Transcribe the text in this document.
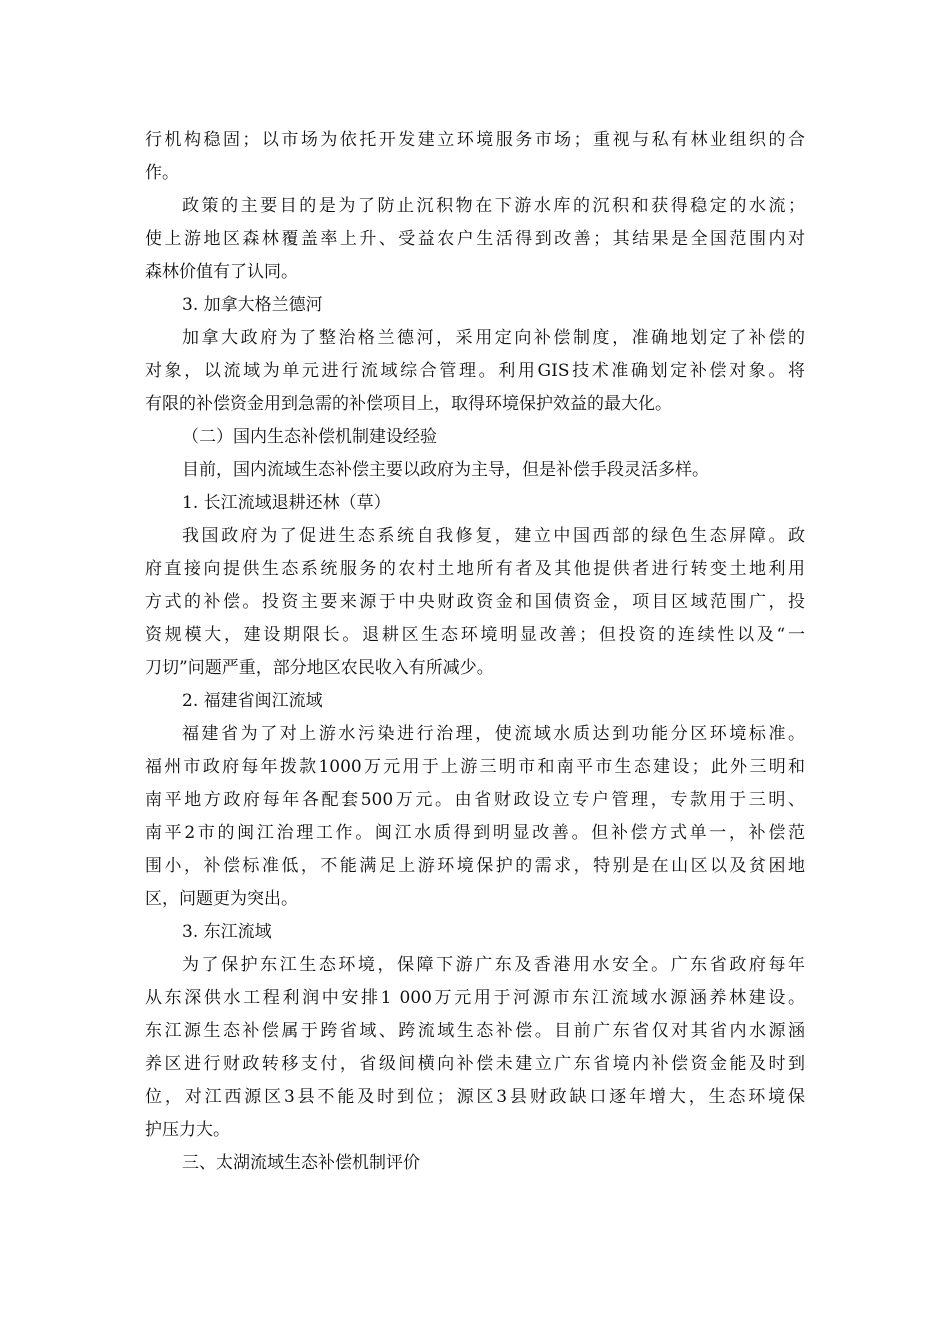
行机构稳固；以市场为依托开发建立环境服务市场；重视与私有林业组织的合
作。
政策的主要目的是为了防止沉积物在下游水库的沉积和获得稳定的水流；
使上游地区森林覆盖率上升、受益农户生活得到改善；其结果是全国范围内对
森林价值有了认同。
3. 加拿大格兰德河
加拿大政府为了整治格兰德河，采用定向补偿制度，准确地划定了补偿的
对象，以流域为单元进行流域综合管理。利用GIS技术准确划定补偿对象。将
有限的补偿资金用到急需的补偿项目上，取得环境保护效益的最大化。
（二）国内生态补偿机制建设经验
目前，国内流域生态补偿主要以政府为主导，但是补偿手段灵活多样。
1. 长江流域退耕还林（草）
我国政府为了促进生态系统自我修复，建立中国西部的绿色生态屏障。政
府直接向提供生态系统服务的农村土地所有者及其他提供者进行转变土地利用
方式的补偿。投资主要来源于中央财政资金和国债资金，项目区域范围广，投
资规模大，建设期限长。退耕区生态环境明显改善；但投资的连续性以及“一
刀切”问题严重，部分地区农民收入有所减少。
2. 福建省闽江流域
福建省为了对上游水污染进行治理，使流域水质达到功能分区环境标准。
福州市政府每年拨款1000万元用于上游三明市和南平市生态建设；此外三明和
南平地方政府每年各配套500万元。由省财政设立专户管理，专款用于三明、
南平2市的闽江治理工作。闽江水质得到明显改善。但补偿方式单一，补偿范
围小，补偿标准低，不能满足上游环境保护的需求，特别是在山区以及贫困地
区，问题更为突出。
3. 东江流域
为了保护东江生态环境，保障下游广东及香港用水安全。广东省政府每年
从东深供水工程利润中安排1 000万元用于河源市东江流域水源涵养林建设。
东江源生态补偿属于跨省域、跨流域生态补偿。目前广东省仅对其省内水源涵
养区进行财政转移支付，省级间横向补偿未建立广东省境内补偿资金能及时到
位，对江西源区3县不能及时到位；源区3县财政缺口逐年增大，生态环境保
护压力大。
三、太湖流域生态补偿机制评价
